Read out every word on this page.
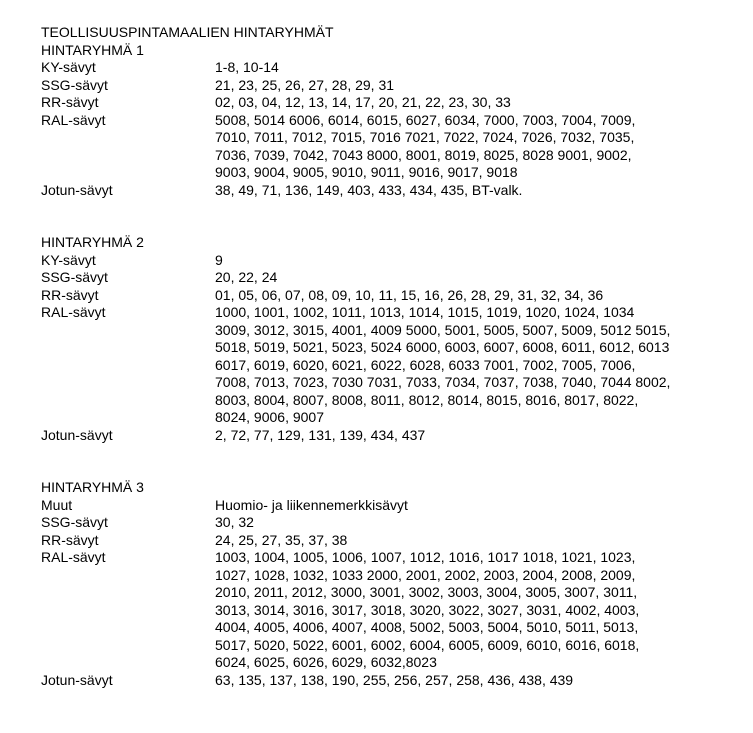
TEOLLISUUSPINTAMAALIEN HINTARYHMÄT
HINTARYHMÄ 1
KY-sävyt	1-8, 10-14
SSG-sävyt	21, 23, 25, 26, 27, 28, 29, 31
RR-sävyt	02, 03, 04, 12, 13, 14, 17, 20, 21, 22, 23, 30, 33
RAL-sävyt	5008, 5014 6006, 6014, 6015, 6027, 6034, 7000, 7003, 7004, 7009,
7010, 7011, 7012, 7015, 7016 7021, 7022, 7024, 7026, 7032, 7035,
7036, 7039, 7042, 7043 8000, 8001, 8019, 8025, 8028 9001, 9002,
9003, 9004, 9005, 9010, 9011, 9016, 9017, 9018
Jotun-sävyt	38, 49, 71, 136, 149, 403, 433, 434, 435, BT-valk.
HINTARYHMÄ 2
KY-sävyt	9
SSG-sävyt	20, 22, 24
RR-sävyt	01, 05, 06, 07, 08, 09, 10, 11, 15, 16, 26, 28, 29, 31, 32, 34, 36
RAL-sävyt	1000, 1001, 1002, 1011, 1013, 1014, 1015, 1019, 1020, 1024, 1034
3009, 3012, 3015, 4001, 4009 5000, 5001, 5005, 5007, 5009, 5012 5015,
5018, 5019, 5021, 5023, 5024 6000, 6003, 6007, 6008, 6011, 6012, 6013
6017, 6019, 6020, 6021, 6022, 6028, 6033 7001, 7002, 7005, 7006,
7008, 7013, 7023, 7030 7031, 7033, 7034, 7037, 7038, 7040, 7044 8002,
8003, 8004, 8007, 8008, 8011, 8012, 8014, 8015, 8016, 8017, 8022,
8024, 9006, 9007
Jotun-sävyt	2, 72, 77, 129, 131, 139, 434, 437
HINTARYHMÄ 3
Muut	Huomio- ja liikennemerkkisävyt
SSG-sävyt	30, 32
RR-sävyt	24, 25, 27, 35, 37, 38
RAL-sävyt	1003, 1004, 1005, 1006, 1007, 1012, 1016, 1017 1018, 1021, 1023,
1027, 1028, 1032, 1033 2000, 2001, 2002, 2003, 2004, 2008, 2009,
2010, 2011, 2012, 3000, 3001, 3002, 3003, 3004, 3005, 3007, 3011,
3013, 3014, 3016, 3017, 3018, 3020, 3022, 3027, 3031, 4002, 4003,
4004, 4005, 4006, 4007, 4008, 5002, 5003, 5004, 5010, 5011, 5013,
5017, 5020, 5022, 6001, 6002, 6004, 6005, 6009, 6010, 6016, 6018,
6024, 6025, 6026, 6029, 6032,8023
Jotun-sävyt	63, 135, 137, 138, 190, 255, 256, 257, 258, 436, 438, 439
